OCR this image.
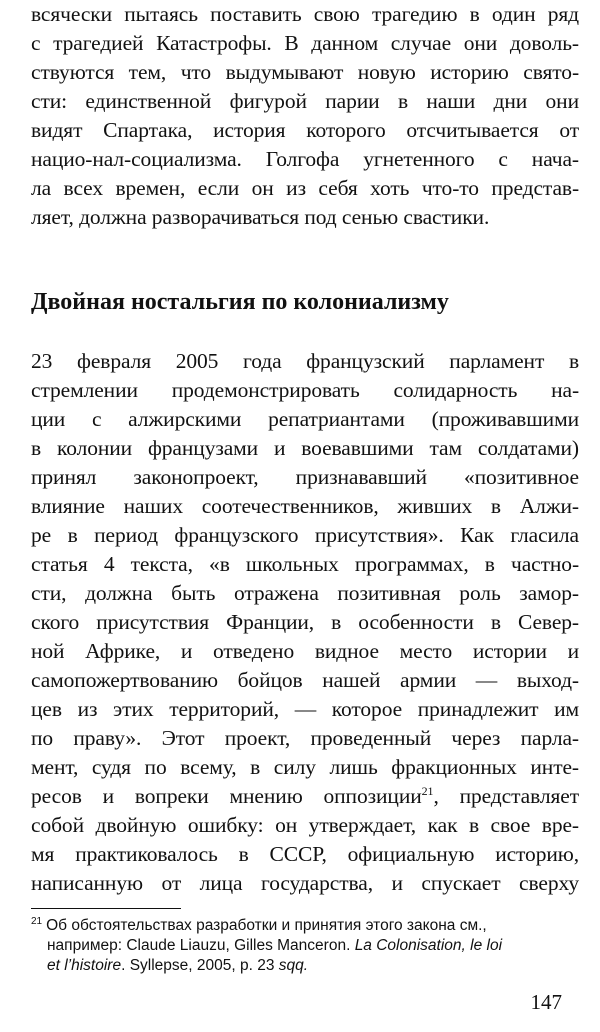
всячески пытаясь поставить свою трагедию в один ряд
с трагедией Катастрофы. В данном случае они доволь-
ствуются тем, что выдумывают новую историю свято-
сти: единственной фигурой парии в наши дни они
видят Спартака, история которого отсчитывается от
нацио-нал-социализма. Голгофа угнетенного с нача-
ла всех времен, если он из себя хоть что-то представ-
ляет, должна разворачиваться под сенью свастики.
Двойная ностальгия по колониализму
23 февраля 2005 года французский парламент в
стремлении продемонстрировать солидарность на-
ции с алжирскими репатриантами (проживавшими
в колонии французами и воевавшими там солдатами)
принял законопроект, признававший «позитивное
влияние наших соотечественников, живших в Алжи-
ре в период французского присутствия». Как гласила
статья 4 текста, «в школьных программах, в частно-
сти, должна быть отражена позитивная роль замор-
ского присутствия Франции, в особенности в Север-
ной Африке, и отведено видное место истории и
самопожертвованию бойцов нашей армии — выход-
цев из этих территорий, — которое принадлежит им
по праву». Этот проект, проведенный через парла-
мент, судя по всему, в силу лишь фракционных инте-
ресов и вопреки мнению оппозиции$^{21}$, представляет
собой двойную ошибку: он утверждает, как в свое вре-
мя практиковалось в СССР, официальную историю,
написанную от лица государства, и спускает сверху
$^{21}$ Об обстоятельствах разработки и принятия этого закона см.,
например: Claude Liauzu, Gilles Manceron. La Colonisation, le loi
et l’histoire. Syllepse, 2005, p. 23 sqq.
147
